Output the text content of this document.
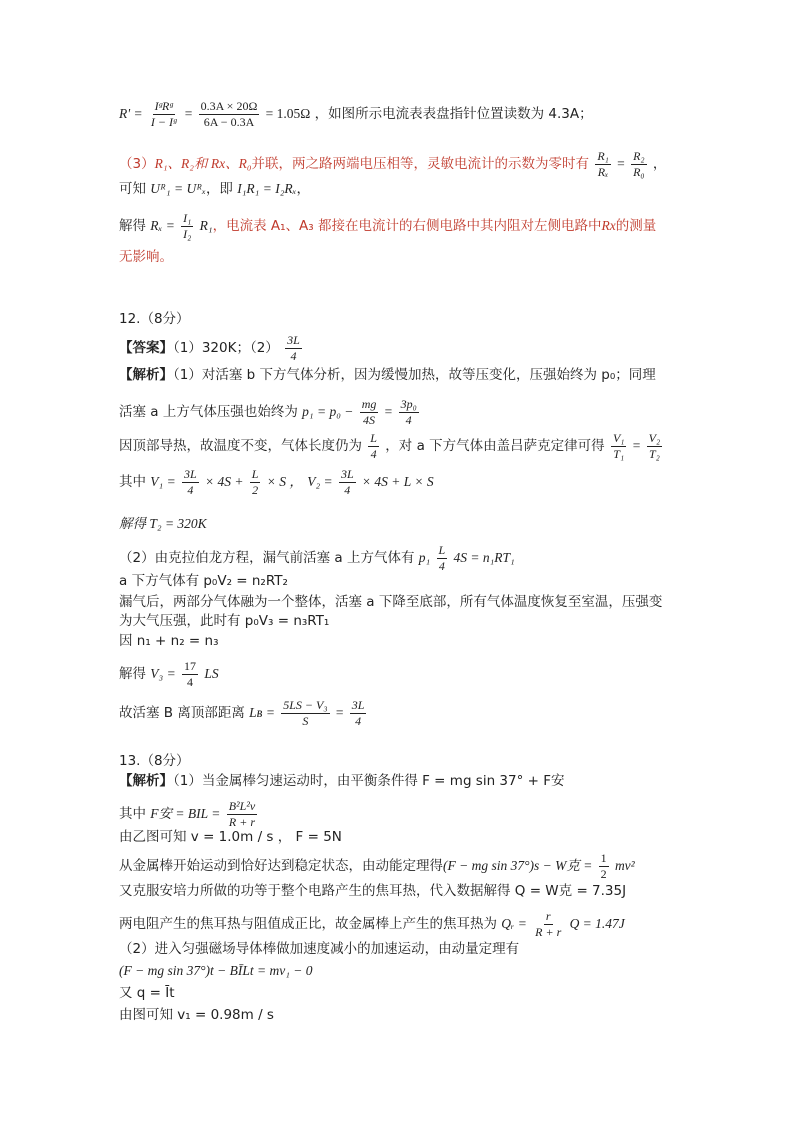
$R' = \frac{\text{IᵍRᵍ}}{\text{I − Iᵍ}} = \frac{0.3A \times 20\Omega}{6A - 0.3A} = 1.05\Omega$ ，如图所示电流表表盘指针位置读数为 4.3A；
（3）R₁、R₂和 Rx、R₀并联，两之路两端电压相等，灵敏电流计的示数为零时有 $\frac{\text{R₁}}{\text{Rₓ}} = \frac{\text{R₂}}{\text{R₀}}$ ，
可知 Uᴿ₁ = Uᴿₓ，即 I₁R₁ = I₂Rₓ，
解得 $R_x = \frac{\text{I₁}}{\text{I₂}} R_1$，电流表 A₁、A₃ 都接在电流计的右侧电路中其内阻对左侧电路中Rx的测量
无影响。
12.（8分）
【答案】（1）320K；$(2) \frac{3L}{4}$
【解析】（1）对活塞 b 下方气体分析，因为缓慢加热，故等压变化，压强始终为 p₀；同理
活塞 a 上方气体压强也始终为 $p_1 = p_0 - \frac{mg}{4S} = \frac{\text{3p₀}}{4}$
因顶部导热，故温度不变，气体长度仍为 $\frac{L}{4}$ ，对 a 下方气体由盖吕萨克定律可得 $\frac{\text{V₁}}{\text{T₁}} = \frac{\text{V₂}}{\text{T₂}}$
其中 $V_1 = \frac{3L}{4} \times 4S + \frac{L}{2} \times S$ ， $V_2 = \frac{3L}{4} \times 4S + L \times S$
解得 T₂ = 320K
（2）由克拉伯龙方程，漏气前活塞 a 上方气体有 $p_1 \frac{L}{4} 4S = n_1RT_1$
a 下方气体有 p₀V₂ = n₂RT₂
漏气后，两部分气体融为一个整体，活塞 a 下降至底部，所有气体温度恢复至室温，压强变
为大气压强，此时有 p₀V₃ = n₃RT₁
因 n₁ + n₂ = n₃
解得 $V_3 = \frac{17}{4}$ LS
故活塞 B 离顶部距离 Lʙ = $\frac{\text{5LS − V₃}}{S} = \frac{3L}{4}$
13.（8分）
【解析】（1）当金属棒匀速运动时，由平衡条件得 F = mg sin 37° + F安
其中 F安 = BIL = $\frac{\text{B²L²v}}{R + r}$
由乙图可知 v = 1.0m / s ， F = 5N
从金属棒开始运动到恰好达到稳定状态，由动能定理得(F − mg sin 37°)s − W克 = $\frac{1}{2} mv^2$
又克服安培力所做的功等于整个电路产生的焦耳热，代入数据解得 Q = W克 = 7.35J
两电阻产生的焦耳热与阻值成正比，故金属棒上产生的焦耳热为 Qᵣ = $\frac{r}{R + r}$ Q = 1.47J
（2）进入匀强磁场导体棒做加速度减小的加速运动，由动量定理有
(F − mg sin 37°)t − BĪLt = mv₁ − 0
又 q = Īt
由图可知 v₁ = 0.98m / s
